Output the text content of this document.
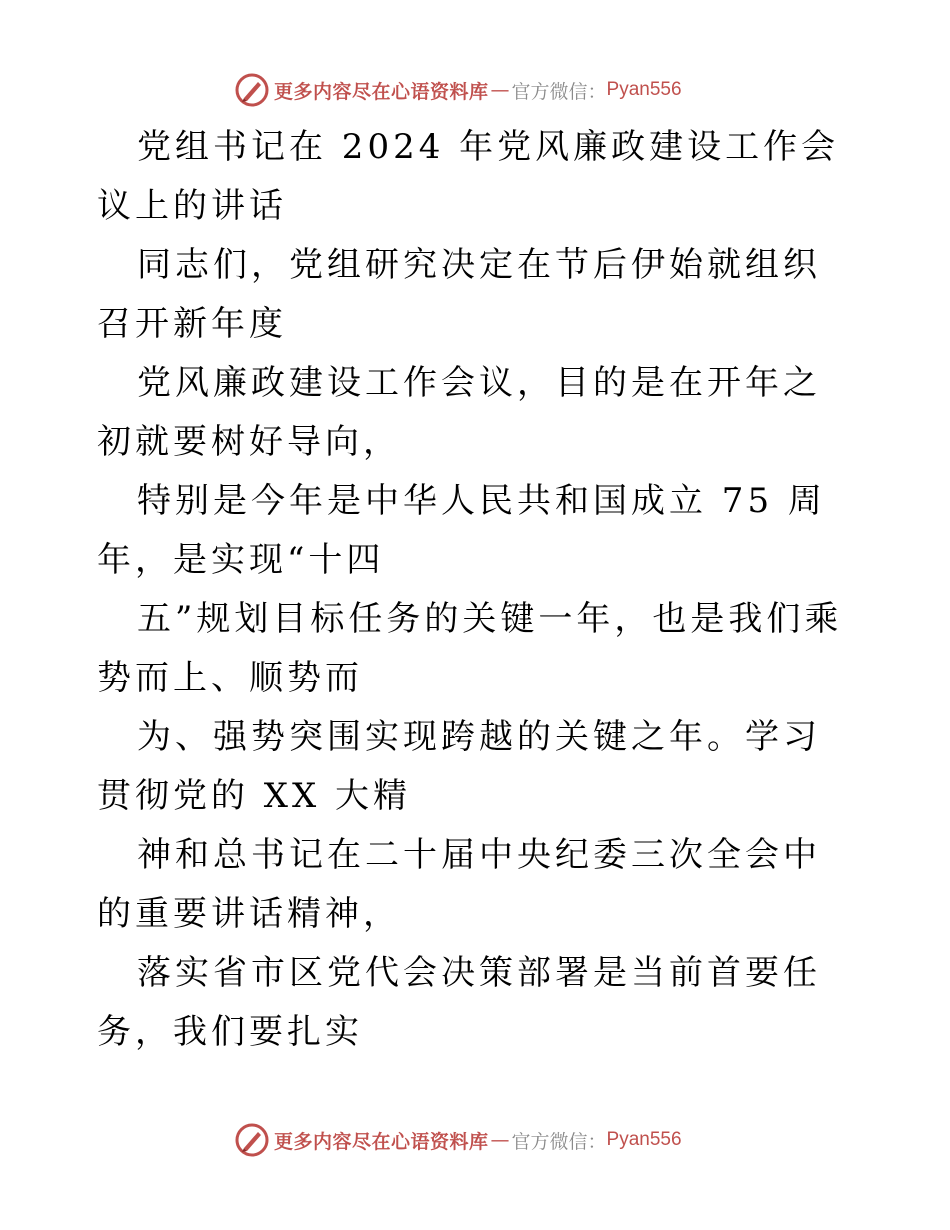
更多内容尽在心语资料库 — 官方微信： Pyan556

党组书记在 2024 年党风廉政建设工作会议上的讲话

同志们，党组研究决定在节后伊始就组织召开新年度

党风廉政建设工作会议，目的是在开年之初就要树好导向，

特别是今年是中华人民共和国成立 75 周年，是实现“十四

五”规划目标任务的关键一年，也是我们乘势而上、顺势而

为、强势突围实现跨越的关键之年。学习贯彻党的 XX 大精

神和总书记在二十届中央纪委三次全会中的重要讲话精神，

落实省市区党代会决策部署是当前首要任务，我们要扎实

更多内容尽在心语资料库 — 官方微信： Pyan556
